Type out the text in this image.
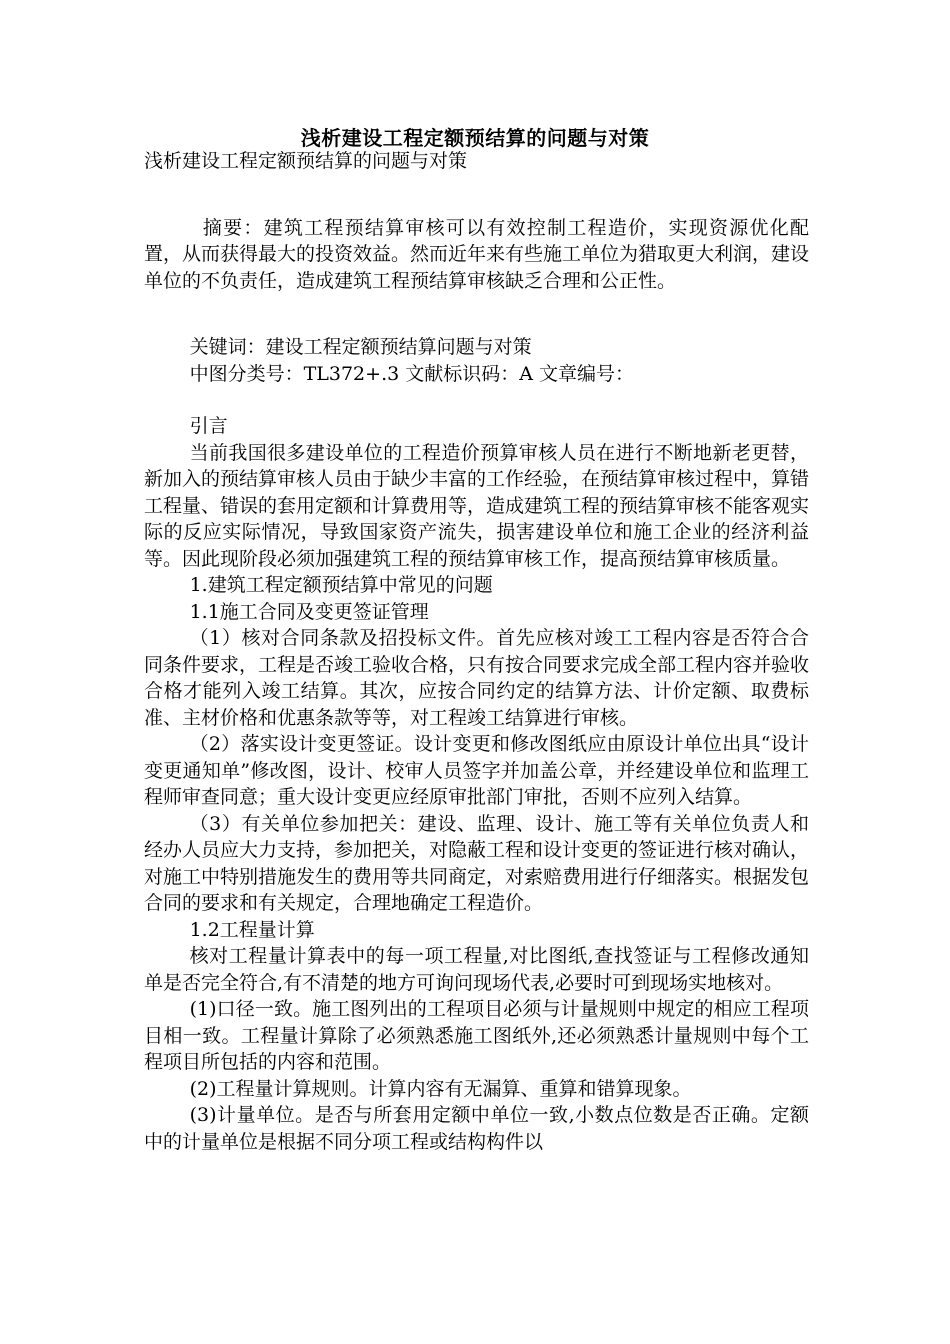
浅析建设工程定额预结算的问题与对策

浅析建设工程定额预结算的问题与对策

摘要：建筑工程预结算审核可以有效控制工程造价，实现资源优化配置，从而获得最大的投资效益。然而近年来有些施工单位为猎取更大利润，建设单位的不负责任，造成建筑工程预结算审核缺乏合理和公正性。

关键词：建设工程定额预结算问题与对策

中图分类号：TL372+.3 文献标识码：A 文章编号：

引言

当前我国很多建设单位的工程造价预算审核人员在进行不断地新老更替，新加入的预结算审核人员由于缺少丰富的工作经验，在预结算审核过程中，算错工程量、错误的套用定额和计算费用等，造成建筑工程的预结算审核不能客观实际的反应实际情况，导致国家资产流失，损害建设单位和施工企业的经济利益等。因此现阶段必须加强建筑工程的预结算审核工作，提高预结算审核质量。

1.建筑工程定额预结算中常见的问题

1.1施工合同及变更签证管理

（1）核对合同条款及招投标文件。首先应核对竣工工程内容是否符合合同条件要求，工程是否竣工验收合格，只有按合同要求完成全部工程内容并验收合格才能列入竣工结算。其次，应按合同约定的结算方法、计价定额、取费标准、主材价格和优惠条款等等，对工程竣工结算进行审核。

（2）落实设计变更签证。设计变更和修改图纸应由原设计单位出具“设计变更通知单”修改图，设计、校审人员签字并加盖公章，并经建设单位和监理工程师审查同意；重大设计变更应经原审批部门审批，否则不应列入结算。

（3）有关单位参加把关：建设、监理、设计、施工等有关单位负责人和经办人员应大力支持，参加把关，对隐蔽工程和设计变更的签证进行核对确认，对施工中特别措施发生的费用等共同商定，对索赔费用进行仔细落实。根据发包合同的要求和有关规定，合理地确定工程造价。

1.2工程量计算

核对工程量计算表中的每一项工程量,对比图纸,查找签证与工程修改通知单是否完全符合,有不清楚的地方可询问现场代表,必要时可到现场实地核对。

(1)口径一致。施工图列出的工程项目必须与计量规则中规定的相应工程项目相一致。工程量计算除了必须熟悉施工图纸外,还必须熟悉计量规则中每个工程项目所包括的内容和范围。

(2)工程量计算规则。计算内容有无漏算、重算和错算现象。

(3)计量单位。是否与所套用定额中单位一致,小数点位数是否正确。定额中的计量单位是根据不同分项工程或结构构件以
